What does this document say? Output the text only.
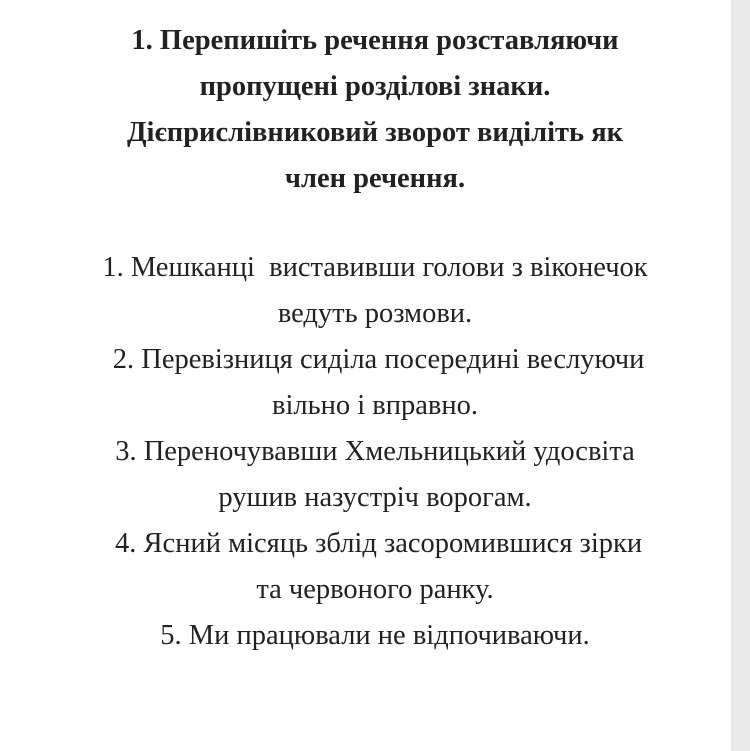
1. Перепишіть речення розставляючи
пропущені розділові знаки.
Дієприслівниковий зворот виділіть як
член речення.
1. Мешканці  виставивши голови з віконечок
ведуть розмови.
2. Перевізниця сиділа посередині веслуючи
вільно і вправно.
3. Переночувавши Хмельницький удосвіта
рушив назустріч ворогам.
4. Ясний місяць зблід засоромившися зірки
та червоного ранку.
5. Ми працювали не відпочиваючи.
